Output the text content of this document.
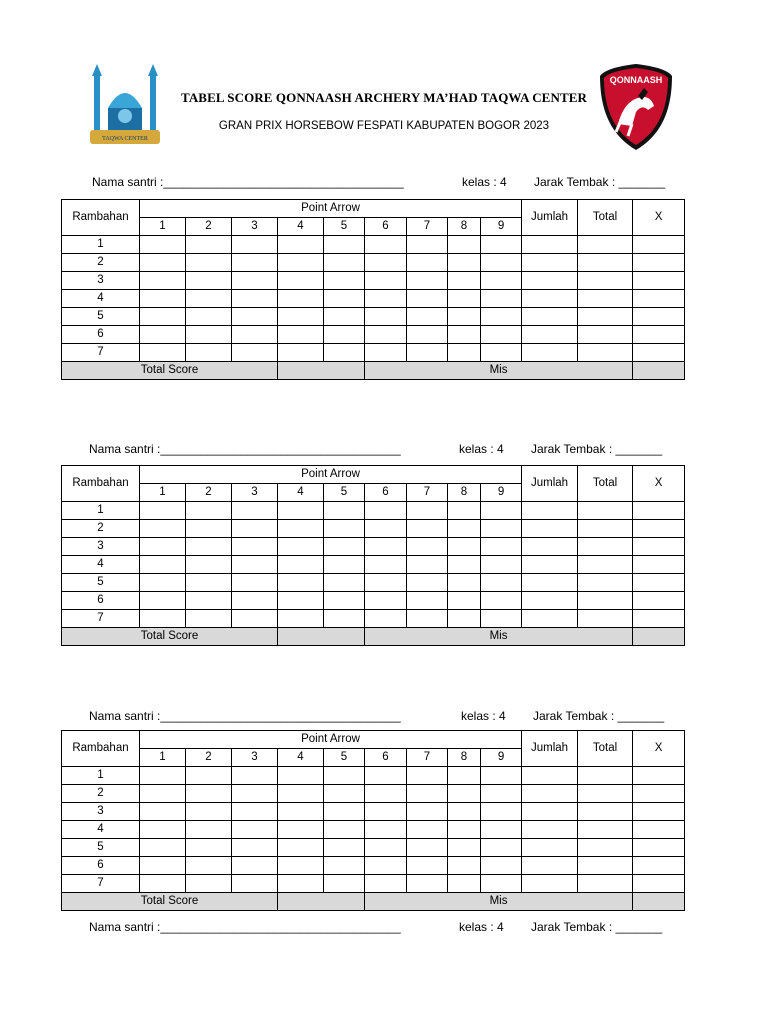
TAQWA CENTER
TABEL SCORE QONNAASH ARCHERY MA’HAD TAQWA CENTER
GRAN PRIX HORSEBOW FESPATI KABUPATEN BOGOR 2023
QONNAASH
Nama santri :____________________________________	kelas : 4 Jarak Tembak : _______
Rambahan	Point Arrow									Jumlah	Total	X
	1	2	3	4	5	6	7	8	9			
1												
2												
3												
4												
5												
6												
7												
Total Score						Mis						
Nama santri :____________________________________	kelas : 4 Jarak Tembak : _______
Rambahan	Point Arrow									Jumlah	Total	X
	1	2	3	4	5	6	7	8	9			
1												
2												
3												
4												
5												
6												
7												
Total Score						Mis						
Nama santri :____________________________________	kelas : 4 Jarak Tembak : _______
Rambahan	Point Arrow									Jumlah	Total	X
	1	2	3	4	5	6	7	8	9			
1												
2												
3												
4												
5												
6												
7												
Total Score						Mis						
Nama santri :____________________________________	kelas : 4 Jarak Tembak : _______
